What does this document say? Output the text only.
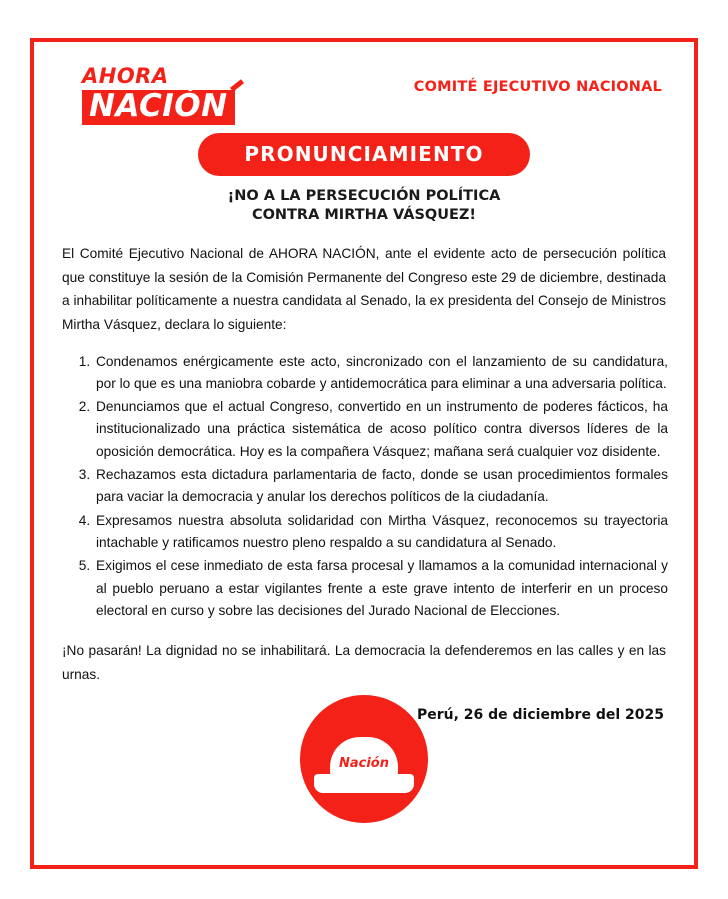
AHORA
NACIÓN
COMITÉ EJECUTIVO NACIONAL
PRONUNCIAMIENTO
¡NO A LA PERSECUCIÓN POLÍTICA
CONTRA MIRTHA VÁSQUEZ!

El Comité Ejecutivo Nacional de AHORA NACIÓN, ante el evidente acto de persecución política que constituye la sesión de la Comisión Permanente del Congreso este 29 de diciembre, destinada a inhabilitar políticamente a nuestra candidata al Senado, la ex presidenta del Consejo de Ministros Mirtha Vásquez, declara lo siguiente:

1. Condenamos enérgicamente este acto, sincronizado con el lanzamiento de su candidatura, por lo que es una maniobra cobarde y antidemocrática para eliminar a una adversaria política.
2. Denunciamos que el actual Congreso, convertido en un instrumento de poderes fácticos, ha institucionalizado una práctica sistemática de acoso político contra diversos líderes de la oposición democrática. Hoy es la compañera Vásquez; mañana será cualquier voz disidente.
3. Rechazamos esta dictadura parlamentaria de facto, donde se usan procedimientos formales para vaciar la democracia y anular los derechos políticos de la ciudadanía.
4. Expresamos nuestra absoluta solidaridad con Mirtha Vásquez, reconocemos su trayectoria intachable y ratificamos nuestro pleno respaldo a su candidatura al Senado.
5. Exigimos el cese inmediato de esta farsa procesal y llamamos a la comunidad internacional y al pueblo peruano a estar vigilantes frente a este grave intento de interferir en un proceso electoral en curso y sobre las decisiones del Jurado Nacional de Elecciones.

¡No pasarán! La dignidad no se inhabilitará. La democracia la defenderemos en las calles y en las urnas.

Perú, 26 de diciembre del 2025
Nación
